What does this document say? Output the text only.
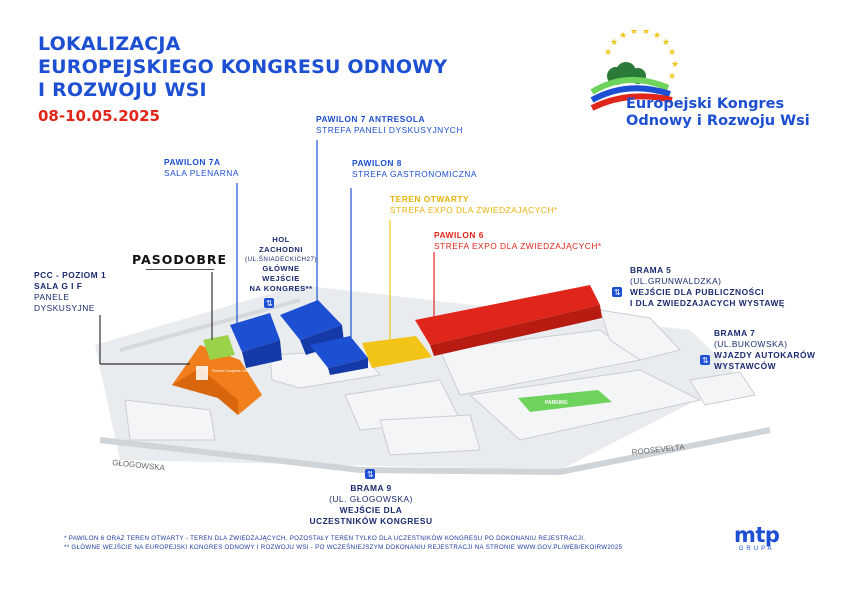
LOKALIZACJA
EUROPEJSKIEGO KONGRESU ODNOWY
I ROZWOJU WSI
08-10.05.2025
★
★
★ ★ ★ ★
★
★
★
★
★
Europejski Kongres
Odnowy i Rozwoju Wsi
GŁOGOWSKA
ROOSEVELTA
PARKING
Poznań Congress Center
⇅
⇅
⇅
⇅
PAWILON 7A
SALA PLENARNA
PAWILON 7 ANTRESOLA
STREFA PANELI DYSKUSYJNYCH
PAWILON 8
STREFA GASTRONOMICZNA
TEREN OTWARTY
STREFA EXPO DLA ZWIEDZAJĄCYCH*
PAWILON 6
STREFA EXPO DLA ZWIEDZAJĄCYCH*
HOL
ZACHODNI
(UL.ŚNIADECKICH27)
GŁÓWNE
WEJŚCIE
NA KONGRES**
PASODOBRE
PCC - POZIOM 1
SALA G I F
PANELE
DYSKUSYJNE
BRAMA 5
(UL.GRUNWALDZKA)
WEJŚCIE DLA PUBLICZNOŚCI
I DLA ZWIEDZAJACYCH WYSTAWĘ
BRAMA 7
(UL.BUKOWSKA)
WJAZDY AUTOKARÓW
WYSTAWCÓW
BRAMA 9
(UL. GŁOGOWSKA)
WEJŚCIE DLA
UCZESTNIKÓW KONGRESU
* PAWILON 6 ORAZ TEREN OTWARTY - TEREN DLA ZWIEDZAJĄCYCH, POZOSTAŁY TEREN TYLKO DLA UCZESTNIKÓW KONGRESU PO DOKONANIU REJESTRACJI.
** GŁÓWNE WEJŚCIE NA EUROPEJSKI KONGRES ODNOWY I ROZWOJU WSI - PO WCZEŚNIEJSZYM DOKONANIU REJESTRACJI NA STRONIE WWW.GOV.PL/WEB/EKOIRW2025
mtp
GRUPA
